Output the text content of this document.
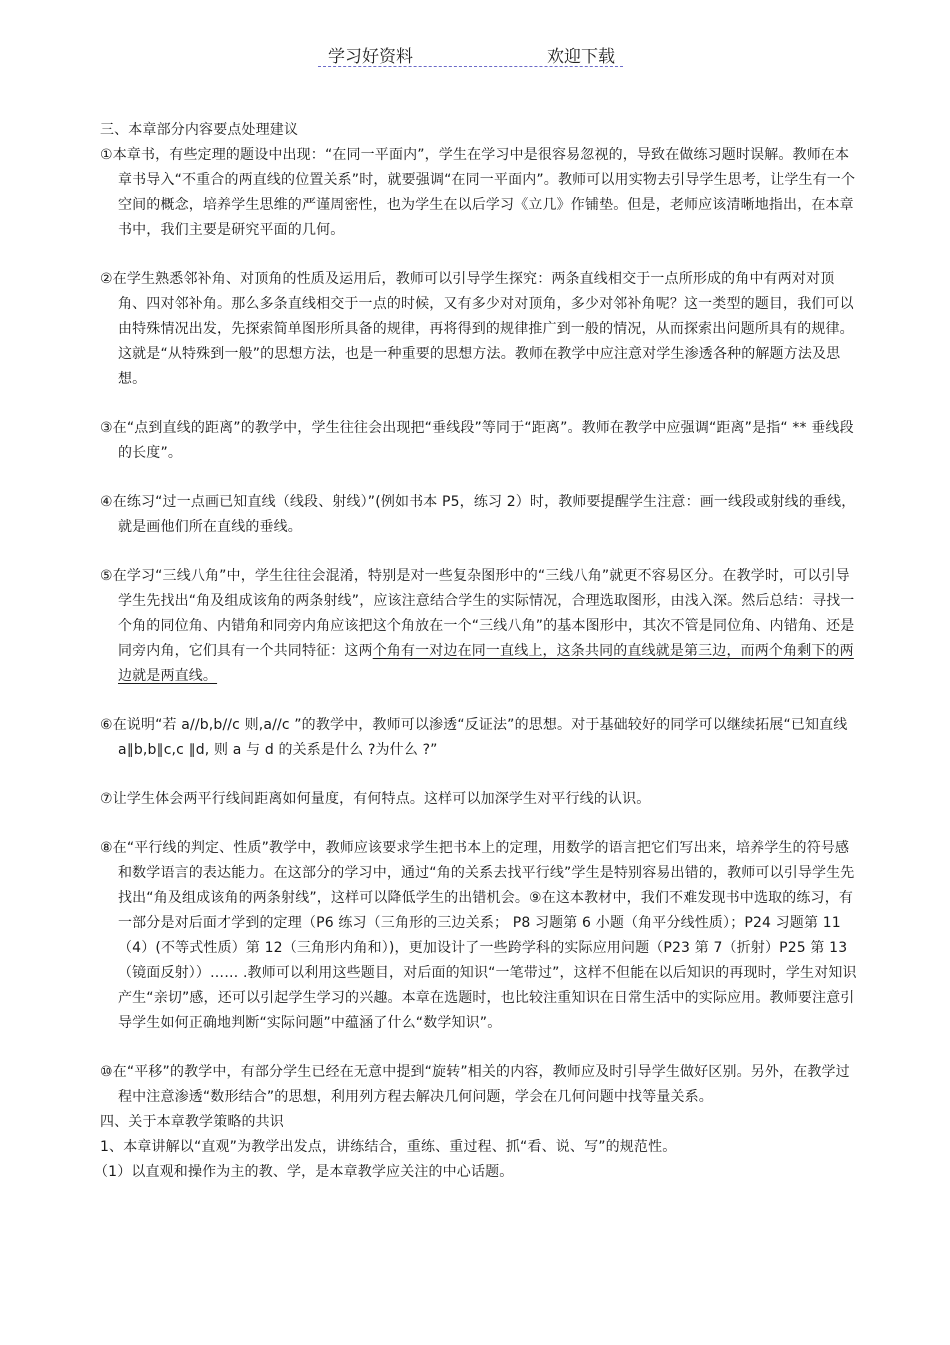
学习好资料	欢迎下载

三、本章部分内容要点处理建议

①本章书，有些定理的题设中出现：“在同一平面内”，学生在学习中是很容易忽视的，导致在做练习题时误解。教师在本章书导入“不重合的两直线的位置关系”时，就要强调“在同一平面内”。教师可以用实物去引导学生思考，让学生有一个空间的概念，培养学生思维的严谨周密性，也为学生在以后学习《立几》作铺垫。但是，老师应该清晰地指出，在本章书中，我们主要是研究平面的几何。

②在学生熟悉邻补角、对顶角的性质及运用后，教师可以引导学生探究：两条直线相交于一点所形成的角中有两对对顶角、四对邻补角。那么多条直线相交于一点的时候，又有多少对对顶角，多少对邻补角呢？这一类型的题目，我们可以由特殊情况出发，先探索简单图形所具备的规律，再将得到的规律推广到一般的情况，从而探索出问题所具有的规律。这就是“从特殊到一般”的思想方法，也是一种重要的思想方法。教师在教学中应注意对学生渗透各种的解题方法及思想。

③在“点到直线的距离”的教学中，学生往往会出现把“垂线段”等同于“距离”。教师在教学中应强调“距离”是指“ ** 垂线段的长度”。

④在练习“过一点画已知直线（线段、射线）”(例如书本 P5，练习 2）时，教师要提醒学生注意：画一线段或射线的垂线，就是画他们所在直线的垂线。

⑤在学习“三线八角”中，学生往往会混淆，特别是对一些复杂图形中的“三线八角”就更不容易区分。在教学时，可以引导学生先找出“角及组成该角的两条射线”，应该注意结合学生的实际情况，合理选取图形，由浅入深。然后总结：寻找一个角的同位角、内错角和同旁内角应该把这个角放在一个“三线八角”的基本图形中，其次不管是同位角、内错角、还是同旁内角，它们具有一个共同特征：这两个角有一对边在同一直线上，这条共同的直线就是第三边，而两个角剩下的两边就是两直线。

⑥在说明“若 a//b,b//c 则,a//c ”的教学中，教师可以渗透“反证法”的思想。对于基础较好的同学可以继续拓展“已知直线 a∥b,b∥c,c ∥d, 则 a 与 d 的关系是什么 ?为什么 ?”

⑦让学生体会两平行线间距离如何量度，有何特点。这样可以加深学生对平行线的认识。

⑧在“平行线的判定、性质”教学中，教师应该要求学生把书本上的定理，用数学的语言把它们写出来，培养学生的符号感和数学语言的表达能力。在这部分的学习中，通过“角的关系去找平行线”学生是特别容易出错的，教师可以引导学生先找出“角及组成该角的两条射线”，这样可以降低学生的出错机会。⑨在这本教材中，我们不难发现书中选取的练习，有一部分是对后面才学到的定理（P6 练习（三角形的三边关系； P8 习题第 6 小题（角平分线性质）；P24 习题第 11（4）(不等式性质）第 12（三角形内角和）)，更加设计了一些跨学科的实际应用问题（P23 第 7（折射）P25 第 13（镜面反射））…… .教师可以利用这些题目，对后面的知识“一笔带过”，这样不但能在以后知识的再现时，学生对知识产生“亲切”感，还可以引起学生学习的兴趣。本章在选题时，也比较注重知识在日常生活中的实际应用。教师要注意引导学生如何正确地判断“实际问题”中蕴涵了什么“数学知识”。

⑩在“平移”的教学中，有部分学生已经在无意中提到“旋转”相关的内容，教师应及时引导学生做好区别。另外，在教学过程中注意渗透“数形结合”的思想，利用列方程去解决几何问题，学会在几何问题中找等量关系。

四、关于本章教学策略的共识

1、本章讲解以“直观”为教学出发点，讲练结合，重练、重过程、抓“看、说、写”的规范性。

（1）以直观和操作为主的教、学，是本章教学应关注的中心话题。
